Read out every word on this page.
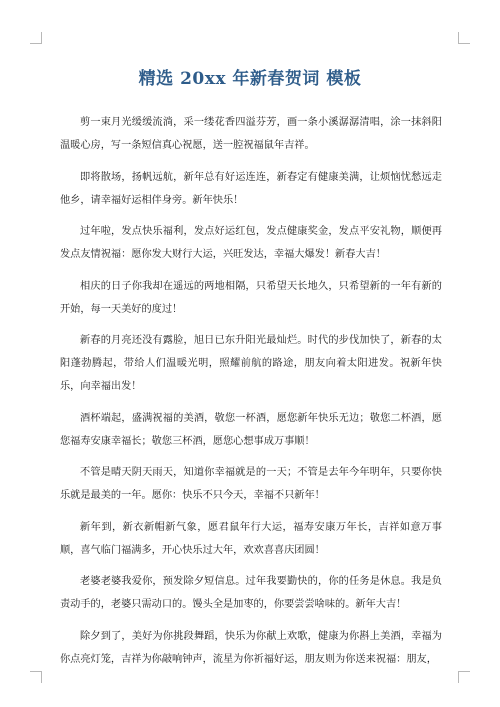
精选 20xx 年新春贺词 模板

剪一束月光缓缓流淌，采一缕花香四溢芬芳，画一条小溪潺潺清唱，涂一抹斜阳温暖心房，写一条短信真心祝愿，送一腔祝福鼠年吉祥。

即将散场，扬帆远航，新年总有好运连连，新春定有健康美满，让烦恼忧愁远走他乡，请幸福好运相伴身旁。新年快乐！

过年啦，发点快乐福利，发点好运红包，发点健康奖金，发点平安礼物，顺便再发点友情祝福：愿你发大财行大运，兴旺发达，幸福大爆发！新春大吉！

相庆的日子你我却在遥远的两地相隔，只希望天长地久，只希望新的一年有新的开始，每一天美好的度过！

新春的月亮还没有露脸，旭日已东升阳光最灿烂。时代的步伐加快了，新春的太阳蓬勃腾起，带给人们温暖光明，照耀前航的路途，朋友向着太阳进发。祝新年快乐，向幸福出发！

酒杯端起，盛满祝福的美酒，敬您一杯酒，愿您新年快乐无边；敬您二杯酒，愿您福寿安康幸福长；敬您三杯酒，愿您心想事成万事顺！

不管是晴天阴天雨天，知道你幸福就是的一天；不管是去年今年明年，只要你快乐就是最美的一年。愿你：快乐不只今天，幸福不只新年！

新年到，新衣新帽新气象，愿君鼠年行大运，福寿安康万年长，吉祥如意万事顺，喜气临门福满多，开心快乐过大年，欢欢喜喜庆团圆！

老婆老婆我爱你，预发除夕短信息。过年我要勤快的，你的任务是休息。我是负责动手的，老婆只需动口的。馒头全是加枣的，你要尝尝啥味的。新年大吉！

除夕到了，美好为你挑段舞蹈，快乐为你献上欢歌，健康为你斟上美酒，幸福为你点亮灯笼，吉祥为你敲响钟声，流星为你祈福好运，朋友则为你送来祝福：朋友，
